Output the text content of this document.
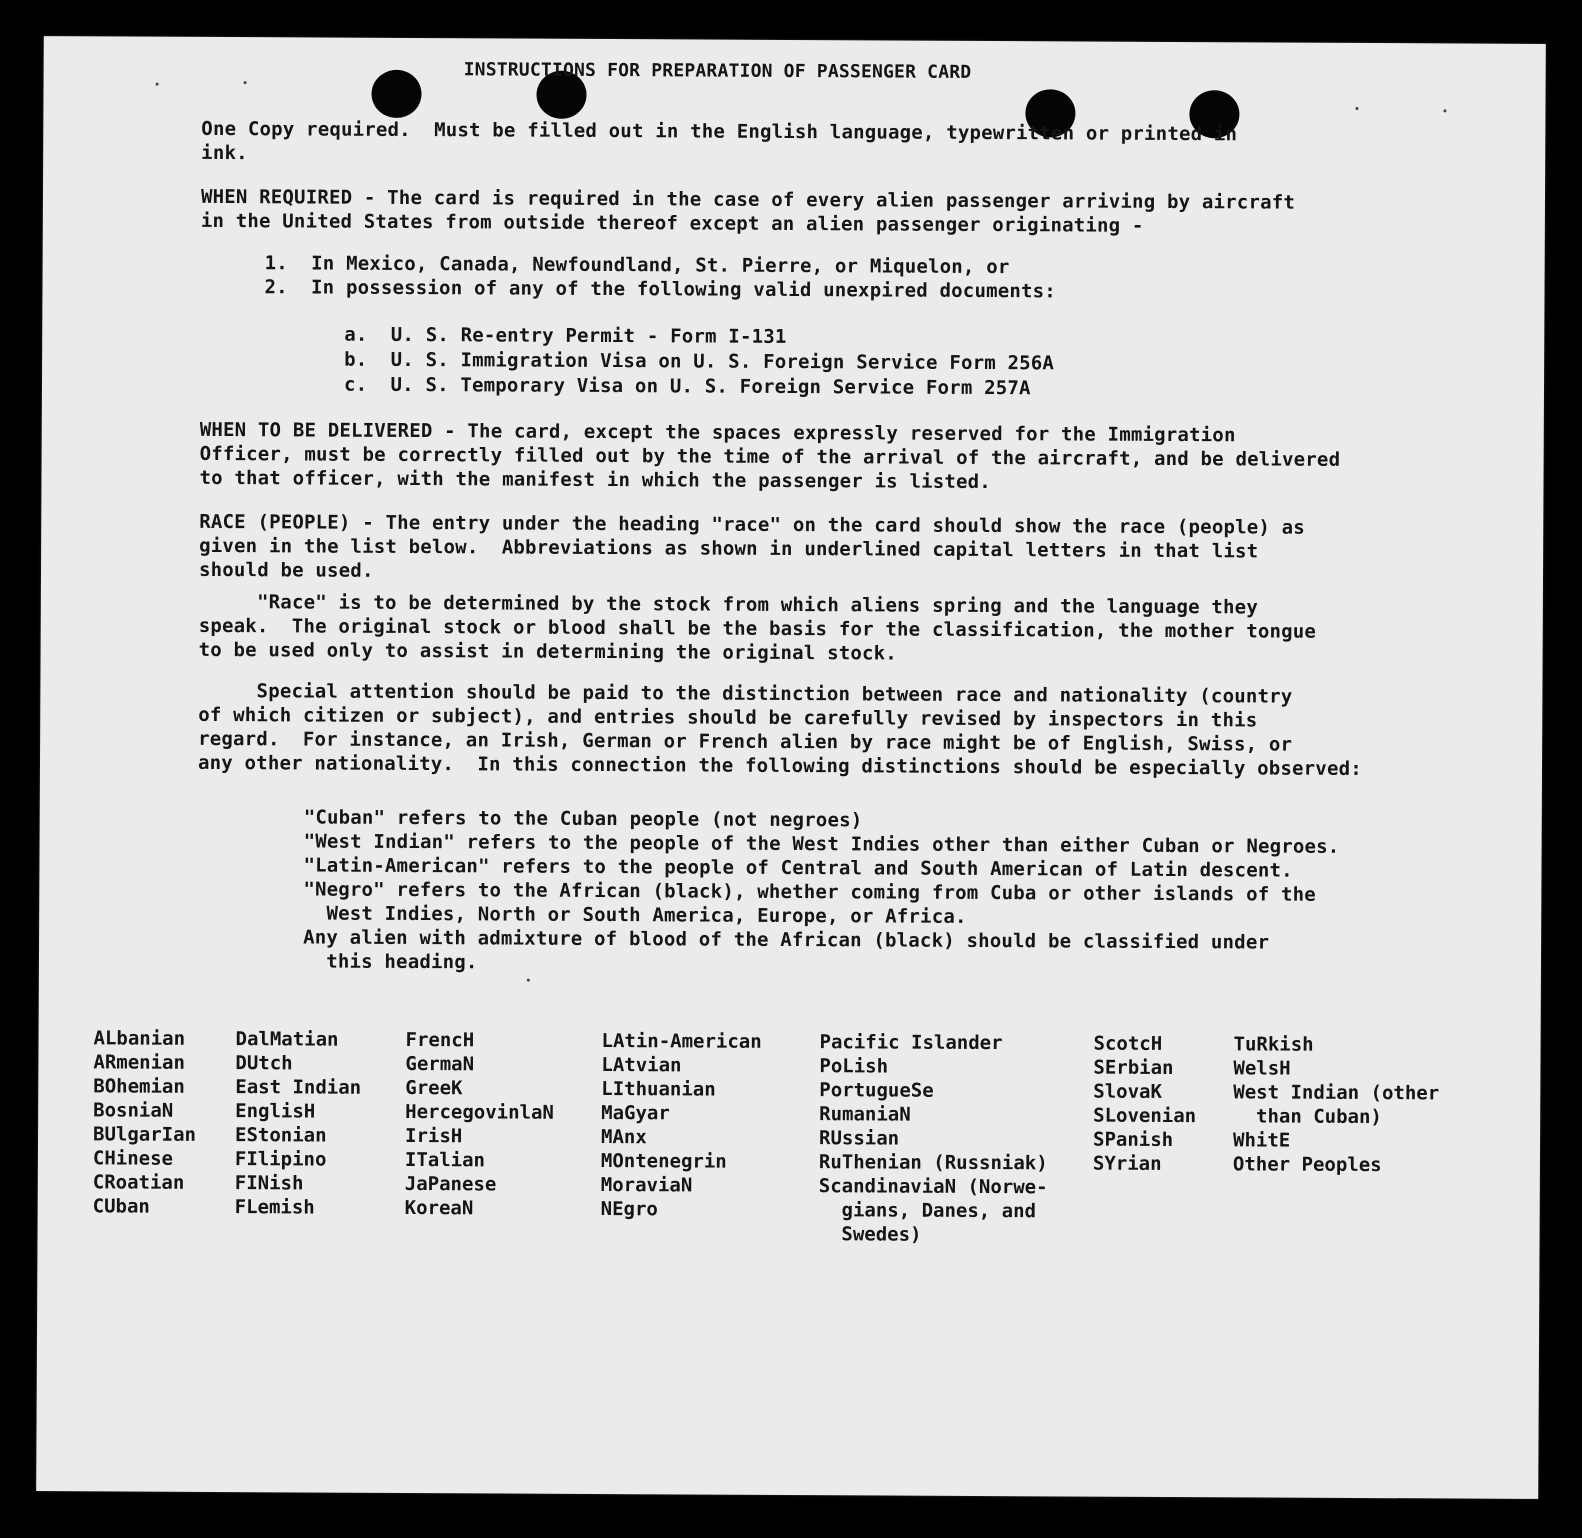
INSTRUCTIONS FOR PREPARATION OF PASSENGER CARD

One Copy required.  Must be filled out in the English language, typewritten or printed in
ink.

WHEN REQUIRED - The card is required in the case of every alien passenger arriving by aircraft
in the United States from outside thereof except an alien passenger originating -

1.  In Mexico, Canada, Newfoundland, St. Pierre, or Miquelon, or

2.  In possession of any of the following valid unexpired documents:

a.  U. S. Re-entry Permit - Form I-131

b.  U. S. Immigration Visa on U. S. Foreign Service Form 256A

c.  U. S. Temporary Visa on U. S. Foreign Service Form 257A

WHEN TO BE DELIVERED - The card, except the spaces expressly reserved for the Immigration
Officer, must be correctly filled out by the time of the arrival of the aircraft, and be delivered
to that officer, with the manifest in which the passenger is listed.

RACE (PEOPLE) - The entry under the heading "race" on the card should show the race (people) as
given in the list below.  Abbreviations as shown in underlined capital letters in that list
should be used.

"Race" is to be determined by the stock from which aliens spring and the language they
speak.  The original stock or blood shall be the basis for the classification, the mother tongue
to be used only to assist in determining the original stock.

Special attention should be paid to the distinction between race and nationality (country
of which citizen or subject), and entries should be carefully revised by inspectors in this
regard.  For instance, an Irish, German or French alien by race might be of English, Swiss, or
any other nationality.  In this connection the following distinctions should be especially observed:

"Cuban" refers to the Cuban people (not negroes)
"West Indian" refers to the people of the West Indies other than either Cuban or Negroes.
"Latin-American" refers to the people of Central and South American of Latin descent.
"Negro" refers to the African (black), whether coming from Cuba or other islands of the
West Indies, North or South America, Europe, or Africa.
Any alien with admixture of blood of the African (black) should be classified under
this heading.

ALbanian
ARmenian
BOhemian
BosniaN
BUlgarIan
CHinese
CRoatian
CUban
DalMatian
DUtch
East Indian
EnglisH
EStonian
FIlipino
FINish
FLemish
FrencH
GermaN
GreeK
HercegovinlaN
IrisH
ITalian
JaPanese
KoreaN
LAtin-American
LAtvian
LIthuanian
MaGyar
MAnx
MOntenegrin
MoraviaN
NEgro
Pacific Islander
PoLish
PortugueSe
RumaniaN
RUssian
RuThenian (Russniak)
ScandinaviaN (Norwe-
gians, Danes, and
Swedes)
ScotcH
SErbian
SlovaK
SLovenian
SPanish
SYrian
TuRkish
WelsH
West Indian (other
than Cuban)
WhitE
Other Peoples
